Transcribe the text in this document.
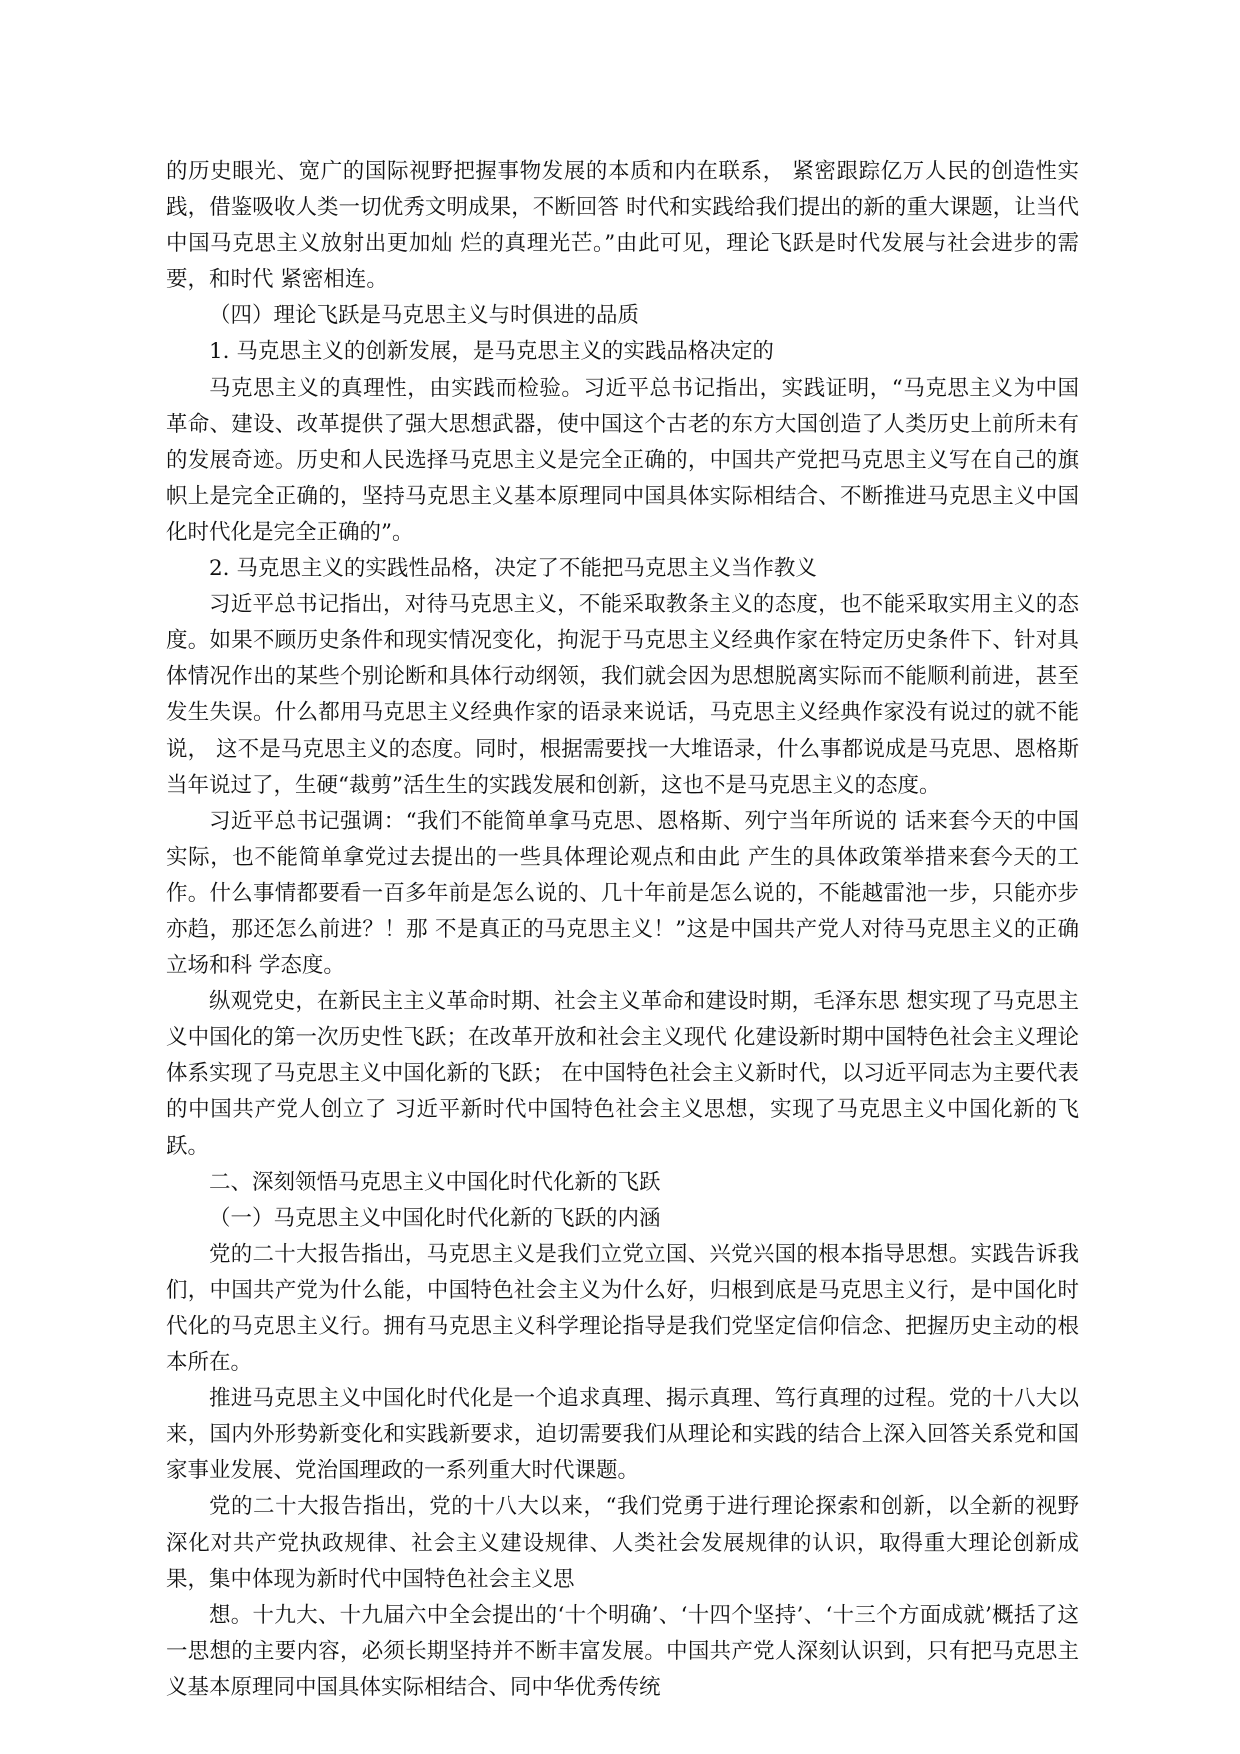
的历史眼光、宽广的国际视野把握事物发展的本质和内在联系， 紧密跟踪亿万人民的创造性实践，借鉴吸收人类一切优秀文明成果，不断回答 时代和实践给我们提出的新的重大课题，让当代中国马克思主义放射出更加灿 烂的真理光芒。”由此可见，理论飞跃是时代发展与社会进步的需要，和时代 紧密相连。

（四）理论飞跃是马克思主义与时俱进的品质

1. 马克思主义的创新发展，是马克思主义的实践品格决定的

马克思主义的真理性，由实践而检验。习近平总书记指出，实践证明，“马克思主义为中国革命、建设、改革提供了强大思想武器，使中国这个古老的东方大国创造了人类历史上前所未有的发展奇迹。历史和人民选择马克思主义是完全正确的，中国共产党把马克思主义写在自己的旗帜上是完全正确的，坚持马克思主义基本原理同中国具体实际相结合、不断推进马克思主义中国化时代化是完全正确的”。

2. 马克思主义的实践性品格，决定了不能把马克思主义当作教义

习近平总书记指出，对待马克思主义，不能采取教条主义的态度，也不能采取实用主义的态度。如果不顾历史条件和现实情况变化，拘泥于马克思主义经典作家在特定历史条件下、针对具体情况作出的某些个别论断和具体行动纲领，我们就会因为思想脱离实际而不能顺利前进，甚至发生失误。什么都用马克思主义经典作家的语录来说话，马克思主义经典作家没有说过的就不能说， 这不是马克思主义的态度。同时，根据需要找一大堆语录，什么事都说成是马克思、恩格斯当年说过了，生硬“裁剪”活生生的实践发展和创新，这也不是马克思主义的态度。

习近平总书记强调：“我们不能简单拿马克思、恩格斯、列宁当年所说的 话来套今天的中国实际，也不能简单拿党过去提出的一些具体理论观点和由此 产生的具体政策举措来套今天的工作。什么事情都要看一百多年前是怎么说的、几十年前是怎么说的，不能越雷池一步，只能亦步亦趋，那还怎么前进？！那 不是真正的马克思主义！”这是中国共产党人对待马克思主义的正确立场和科 学态度。

纵观党史，在新民主主义革命时期、社会主义革命和建设时期，毛泽东思 想实现了马克思主义中国化的第一次历史性飞跃；在改革开放和社会主义现代 化建设新时期中国特色社会主义理论体系实现了马克思主义中国化新的飞跃； 在中国特色社会主义新时代，以习近平同志为主要代表的中国共产党人创立了 习近平新时代中国特色社会主义思想，实现了马克思主义中国化新的飞跃。

二、深刻领悟马克思主义中国化时代化新的飞跃

（一）马克思主义中国化时代化新的飞跃的内涵

党的二十大报告指出，马克思主义是我们立党立国、兴党兴国的根本指导思想。实践告诉我们，中国共产党为什么能，中国特色社会主义为什么好，归根到底是马克思主义行，是中国化时代化的马克思主义行。拥有马克思主义科学理论指导是我们党坚定信仰信念、把握历史主动的根本所在。

推进马克思主义中国化时代化是一个追求真理、揭示真理、笃行真理的过程。党的十八大以来，国内外形势新变化和实践新要求，迫切需要我们从理论和实践的结合上深入回答关系党和国家事业发展、党治国理政的一系列重大时代课题。

党的二十大报告指出，党的十八大以来，“我们党勇于进行理论探索和创新，以全新的视野深化对共产党执政规律、社会主义建设规律、人类社会发展规律的认识，取得重大理论创新成果，集中体现为新时代中国特色社会主义思

想。十九大、十九届六中全会提出的‘十个明确’、‘十四个坚持’、‘十三个方面成就’概括了这一思想的主要内容，必须长期坚持并不断丰富发展。中国共产党人深刻认识到，只有把马克思主义基本原理同中国具体实际相结合、同中华优秀传统
